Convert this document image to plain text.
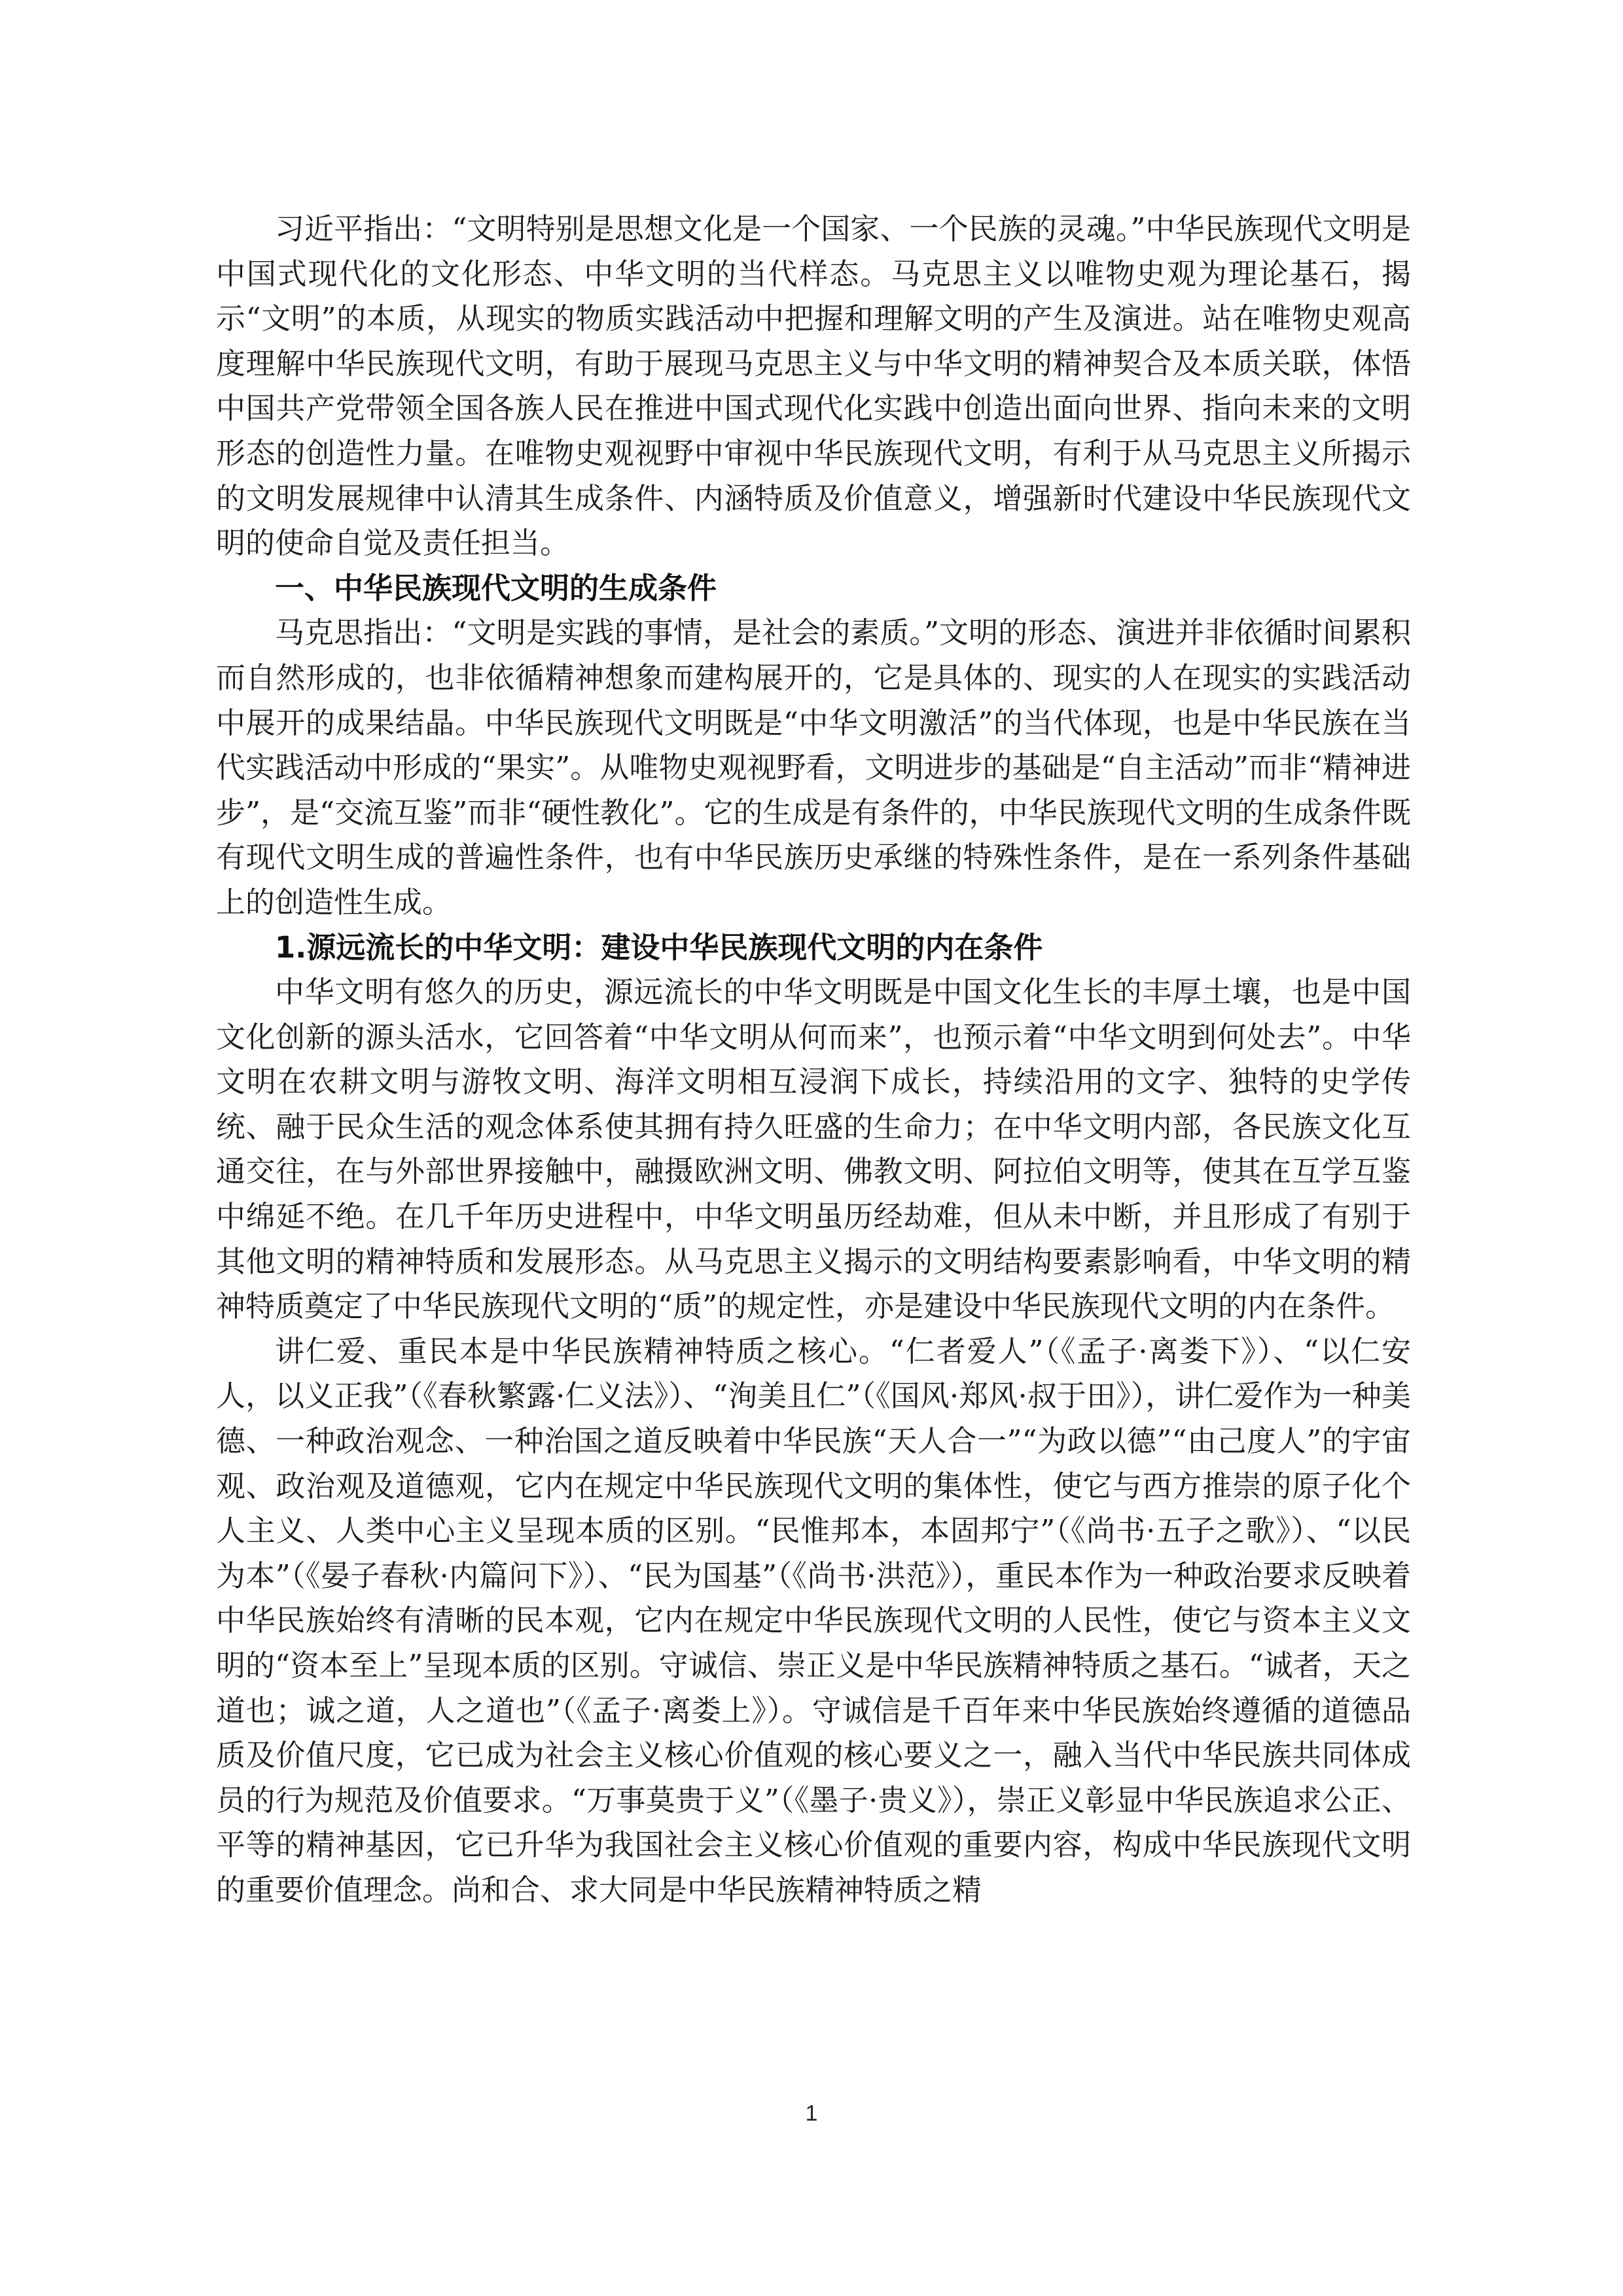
习近平指出：“文明特别是思想文化是一个国家、一个民族的灵魂。”中华民族现代文明是中国式现代化的文化形态、中华文明的当代样态。马克思主义以唯物史观为理论基石，揭示“文明”的本质，从现实的物质实践活动中把握和理解文明的产生及演进。站在唯物史观高度理解中华民族现代文明，有助于展现马克思主义与中华文明的精神契合及本质关联，体悟中国共产党带领全国各族人民在推进中国式现代化实践中创造出面向世界、指向未来的文明形态的创造性力量。在唯物史观视野中审视中华民族现代文明，有利于从马克思主义所揭示的文明发展规律中认清其生成条件、内涵特质及价值意义，增强新时代建设中华民族现代文明的使命自觉及责任担当。

一、中华民族现代文明的生成条件

马克思指出：“文明是实践的事情，是社会的素质。”文明的形态、演进并非依循时间累积而自然形成的，也非依循精神想象而建构展开的，它是具体的、现实的人在现实的实践活动中展开的成果结晶。中华民族现代文明既是“中华文明激活”的当代体现，也是中华民族在当代实践活动中形成的“果实”。从唯物史观视野看，文明进步的基础是“自主活动”而非“精神进步”，是“交流互鉴”而非“硬性教化”。它的生成是有条件的，中华民族现代文明的生成条件既有现代文明生成的普遍性条件，也有中华民族历史承继的特殊性条件，是在一系列条件基础上的创造性生成。

1.源远流长的中华文明：建设中华民族现代文明的内在条件

中华文明有悠久的历史，源远流长的中华文明既是中国文化生长的丰厚土壤，也是中国文化创新的源头活水，它回答着“中华文明从何而来”，也预示着“中华文明到何处去”。中华文明在农耕文明与游牧文明、海洋文明相互浸润下成长，持续沿用的文字、独特的史学传统、融于民众生活的观念体系使其拥有持久旺盛的生命力；在中华文明内部，各民族文化互通交往，在与外部世界接触中，融摄欧洲文明、佛教文明、阿拉伯文明等，使其在互学互鉴中绵延不绝。在几千年历史进程中，中华文明虽历经劫难，但从未中断，并且形成了有别于其他文明的精神特质和发展形态。从马克思主义揭示的文明结构要素影响看，中华文明的精神特质奠定了中华民族现代文明的“质”的规定性，亦是建设中华民族现代文明的内在条件。

讲仁爱、重民本是中华民族精神特质之核心。“仁者爱人”（《孟子·离娄下》）、“以仁安人，以义正我”（《春秋繁露·仁义法》）、“洵美且仁”（《国风·郑风·叔于田》），讲仁爱作为一种美德、一种政治观念、一种治国之道反映着中华民族“天人合一”“为政以德”“由己度人”的宇宙观、政治观及道德观，它内在规定中华民族现代文明的集体性，使它与西方推崇的原子化个人主义、人类中心主义呈现本质的区别。“民惟邦本，本固邦宁”（《尚书·五子之歌》）、“以民为本”（《晏子春秋·内篇问下》）、“民为国基”（《尚书·洪范》），重民本作为一种政治要求反映着中华民族始终有清晰的民本观，它内在规定中华民族现代文明的人民性，使它与资本主义文明的“资本至上”呈现本质的区别。守诚信、崇正义是中华民族精神特质之基石。“诚者，天之道也；诚之道，人之道也”（《孟子·离娄上》）。守诚信是千百年来中华民族始终遵循的道德品质及价值尺度，它已成为社会主义核心价值观的核心要义之一，融入当代中华民族共同体成员的行为规范及价值要求。“万事莫贵于义”（《墨子·贵义》），崇正义彰显中华民族追求公正、平等的精神基因，它已升华为我国社会主义核心价值观的重要内容，构成中华民族现代文明的重要价值理念。尚和合、求大同是中华民族精神特质之精

1
